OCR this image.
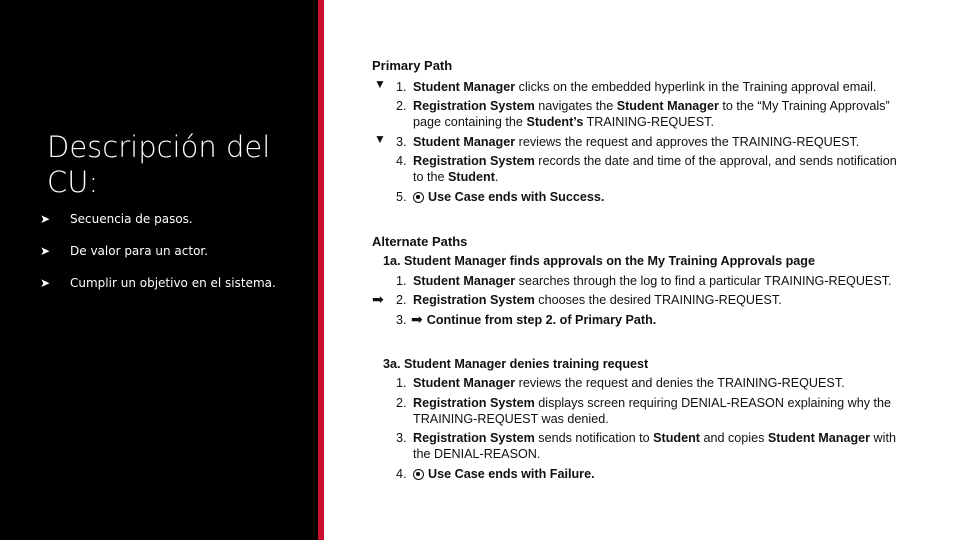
Descripción del CU:
➤	Secuencia de pasos.
➤	De valor para un actor.
➤	Cumplir un objetivo en el sistema.
Primary Path
▼ 1. Student Manager clicks on the embedded hyperlink in the Training approval email.
2. Registration System navigates the Student Manager to the “My Training Approvals”
page containing the Student’s TRAINING-REQUEST.
▼ 3. Student Manager reviews the request and approves the TRAINING-REQUEST.
4. Registration System records the date and time of the approval, and sends notification
to the Student.
5.	Use Case ends with Success.
Alternate Paths
1a. Student Manager finds approvals on the My Training Approvals page
1. Student Manager searches through the log to find a particular TRAINING-REQUEST.
➡ 2. Registration System chooses the desired TRAINING-REQUEST.
3. ➡ Continue from step 2. of Primary Path.
3a. Student Manager denies training request
1. Student Manager reviews the request and denies the TRAINING-REQUEST.
2. Registration System displays screen requiring DENIAL-REASON explaining why the
TRAINING-REQUEST was denied.
3. Registration System sends notification to Student and copies Student Manager with
the DENIAL-REASON.
4.	Use Case ends with Failure.
